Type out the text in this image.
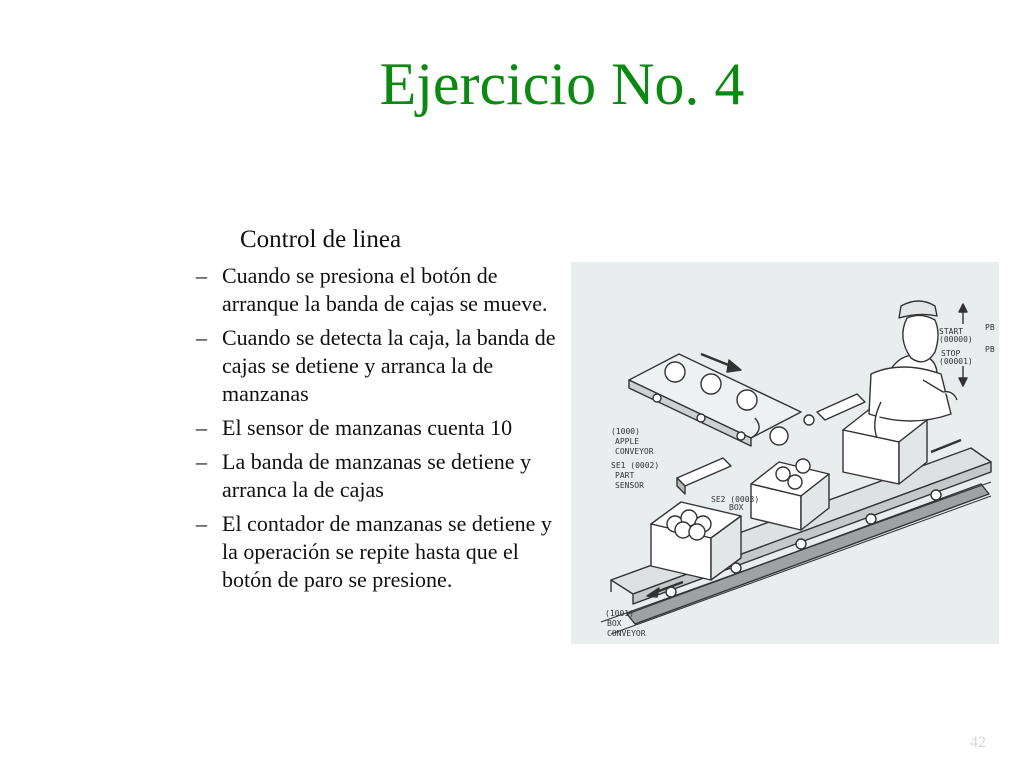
Ejercicio No. 4
Control de linea
– Cuando se presiona el botón de arranque la banda de cajas se mueve.
– Cuando se detecta la caja, la banda de cajas se detiene y arranca la de manzanas
– El sensor de manzanas cuenta 10
– La banda de manzanas se detiene y arranca la de cajas
– El contador de manzanas se detiene y la operación se repite hasta que el botón de paro se presione.
(1000)
APPLE
CONVEYOR
SE1 (0002)
PART
SENSOR
SE2 (0003)
BOX
(1001)
BOX
CONVEYOR
START
(00000)
STOP
(00001)
PB
PB
42
